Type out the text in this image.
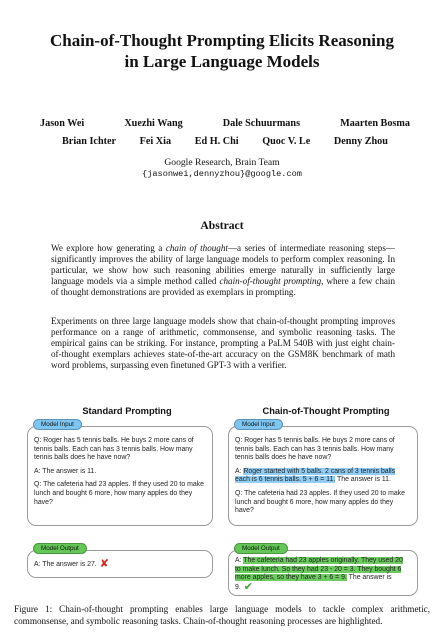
Chain-of-Thought Prompting Elicits Reasoning
in Large Language Models
Jason Wei	Xuezhi Wang	Dale Schuurmans	Maarten Bosma
Brian Ichter Fei Xia Ed H. Chi Quoc V. Le Denny Zhou
Google Research, Brain Team
{jasonwei,dennyzhou}@google.com
Abstract
We explore how generating a chain of thought—a series of intermediate reasoning steps—significantly improves the ability of large language models to perform complex reasoning. In particular, we show how such reasoning abilities emerge naturally in sufficiently large language models via a simple method called chain-of-thought prompting, where a few chain of thought demonstrations are provided as exemplars in prompting.
Experiments on three large language models show that chain-of-thought prompting improves performance on a range of arithmetic, commonsense, and symbolic reasoning tasks. The empirical gains can be striking. For instance, prompting a PaLM 540B with just eight chain-of-thought exemplars achieves state-of-the-art accuracy on the GSM8K benchmark of math word problems, surpassing even finetuned GPT-3 with a verifier.
Standard Prompting	Chain-of-Thought Prompting

Q: Roger has 5 tennis balls. He buys 2 more cans of tennis balls. Each can has 3 tennis balls. How many tennis balls does he have now?

A: The answer is 11.

Q: The cafeteria had 23 apples. If they used 20 to make lunch and bought 6 more, how many apples do they have?

Model Input

Q: Roger has 5 tennis balls. He buys 2 more cans of tennis balls. Each can has 3 tennis balls. How many tennis balls does he have now?

A: Roger started with 5 balls. 2 cans of 3 tennis balls each is 6 tennis balls. 5 + 6 = 11. The answer is 11.

Q: The cafeteria had 23 apples. If they used 20 to make lunch and bought 6 more, how many apples do they have?

Model Input
A: The answer is 27. ✘
Model Output
A: The cafeteria had 23 apples originally. They used 20 to make lunch. So they had 23 - 20 = 3. They bought 6 more apples, so they have 3 + 6 = 9. The answer is 9. ✔
Model Output
Figure 1: Chain-of-thought prompting enables large language models to tackle complex arithmetic, commonsense, and symbolic reasoning tasks. Chain-of-thought reasoning processes are highlighted.
